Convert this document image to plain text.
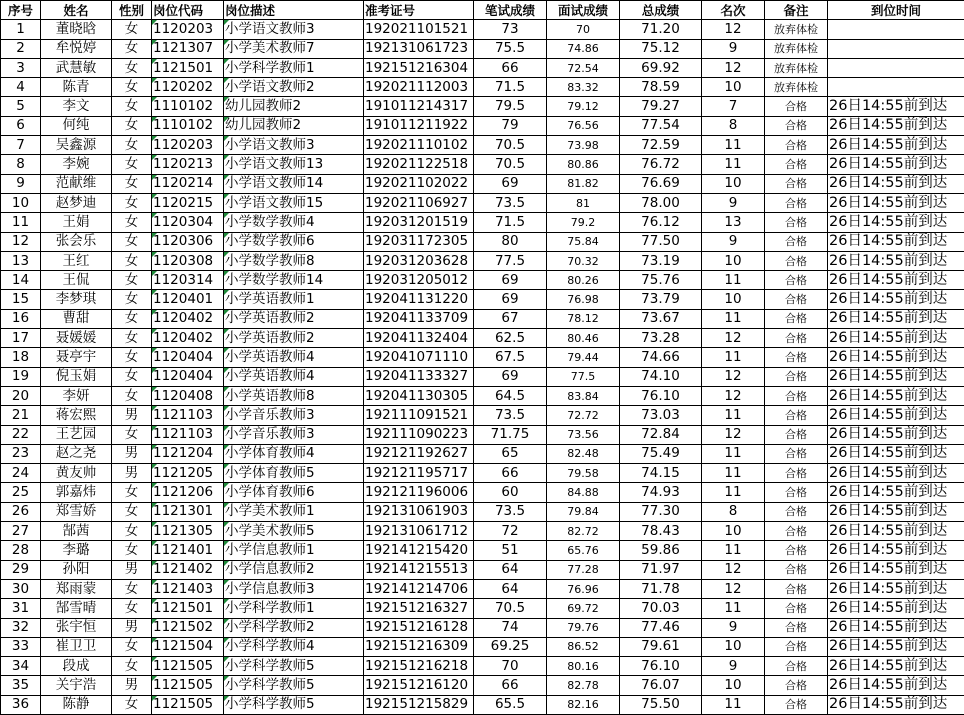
序号	姓名	性别	岗位代码	岗位描述	准考证号	笔试成绩	面试成绩	总成绩	名次	备注	到位时间
1	董晓晗	女	1120203	小学语文教师3	192021101521	73	70	71.20	12	放弃体检	
2	牟悦婷	女	1121307	小学美术教师7	192131061723	75.5	74.86	75.12	9	放弃体检	
3	武慧敏	女	1121501	小学科学教师1	192151216304	66	72.54	69.92	12	放弃体检	
4	陈青	女	1120202	小学语文教师2	192021112003	71.5	83.32	78.59	10	放弃体检	
5	李文	女	1110102	幼儿园教师2	191011214317	79.5	79.12	79.27	7	合格	26日14:55前到达
6	何纯	女	1110102	幼儿园教师2	191011211922	79	76.56	77.54	8	合格	26日14:55前到达
7	吴鑫源	女	1120203	小学语文教师3	192021110102	70.5	73.98	72.59	11	合格	26日14:55前到达
8	李婉	女	1120213	小学语文教师13	192021122518	70.5	80.86	76.72	11	合格	26日14:55前到达
9	范献维	女	1120214	小学语文教师14	192021102022	69	81.82	76.69	10	合格	26日14:55前到达
10	赵梦迪	女	1120215	小学语文教师15	192021106927	73.5	81	78.00	9	合格	26日14:55前到达
11	王娟	女	1120304	小学数学教师4	192031201519	71.5	79.2	76.12	13	合格	26日14:55前到达
12	张会乐	女	1120306	小学数学教师6	192031172305	80	75.84	77.50	9	合格	26日14:55前到达
13	王红	女	1120308	小学数学教师8	192031203628	77.5	70.32	73.19	10	合格	26日14:55前到达
14	王侃	女	1120314	小学数学教师14	192031205012	69	80.26	75.76	11	合格	26日14:55前到达
15	李梦琪	女	1120401	小学英语教师1	192041131220	69	76.98	73.79	10	合格	26日14:55前到达
16	曹甜	女	1120402	小学英语教师2	192041133709	67	78.12	73.67	11	合格	26日14:55前到达
17	聂媛媛	女	1120402	小学英语教师2	192041132404	62.5	80.46	73.28	12	合格	26日14:55前到达
18	聂亭宇	女	1120404	小学英语教师4	192041071110	67.5	79.44	74.66	11	合格	26日14:55前到达
19	倪玉娟	女	1120404	小学英语教师4	192041133327	69	77.5	74.10	12	合格	26日14:55前到达
20	李妍	女	1120408	小学英语教师8	192041130305	64.5	83.84	76.10	12	合格	26日14:55前到达
21	蒋宏熙	男	1121103	小学音乐教师3	192111091521	73.5	72.72	73.03	11	合格	26日14:55前到达
22	王艺园	女	1121103	小学音乐教师3	192111090223	71.75	73.56	72.84	12	合格	26日14:55前到达
23	赵之尧	男	1121204	小学体育教师4	192121192627	65	82.48	75.49	11	合格	26日14:55前到达
24	黄友帅	男	1121205	小学体育教师5	192121195717	66	79.58	74.15	11	合格	26日14:55前到达
25	郭嘉炜	女	1121206	小学体育教师6	192121196006	60	84.88	74.93	11	合格	26日14:55前到达
26	郑雪娇	女	1121301	小学美术教师1	192131061903	73.5	79.84	77.30	8	合格	26日14:55前到达
27	郜茜	女	1121305	小学美术教师5	192131061712	72	82.72	78.43	10	合格	26日14:55前到达
28	李璐	女	1121401	小学信息教师1	192141215420	51	65.76	59.86	11	合格	26日14:55前到达
29	孙阳	男	1121402	小学信息教师2	192141215513	64	77.28	71.97	12	合格	26日14:55前到达
30	郑雨蒙	女	1121403	小学信息教师3	192141214706	64	76.96	71.78	12	合格	26日14:55前到达
31	郜雪晴	女	1121501	小学科学教师1	192151216327	70.5	69.72	70.03	11	合格	26日14:55前到达
32	张宇恒	男	1121502	小学科学教师2	192151216128	74	79.76	77.46	9	合格	26日14:55前到达
33	崔卫卫	女	1121504	小学科学教师4	192151216309	69.25	86.52	79.61	10	合格	26日14:55前到达
34	段成	女	1121505	小学科学教师5	192151216218	70	80.16	76.10	9	合格	26日14:55前到达
35	关宇浩	男	1121505	小学科学教师5	192151216120	66	82.78	76.07	10	合格	26日14:55前到达
36	陈静	女	1121505	小学科学教师5	192151215829	65.5	82.16	75.50	11	合格	26日14:55前到达
